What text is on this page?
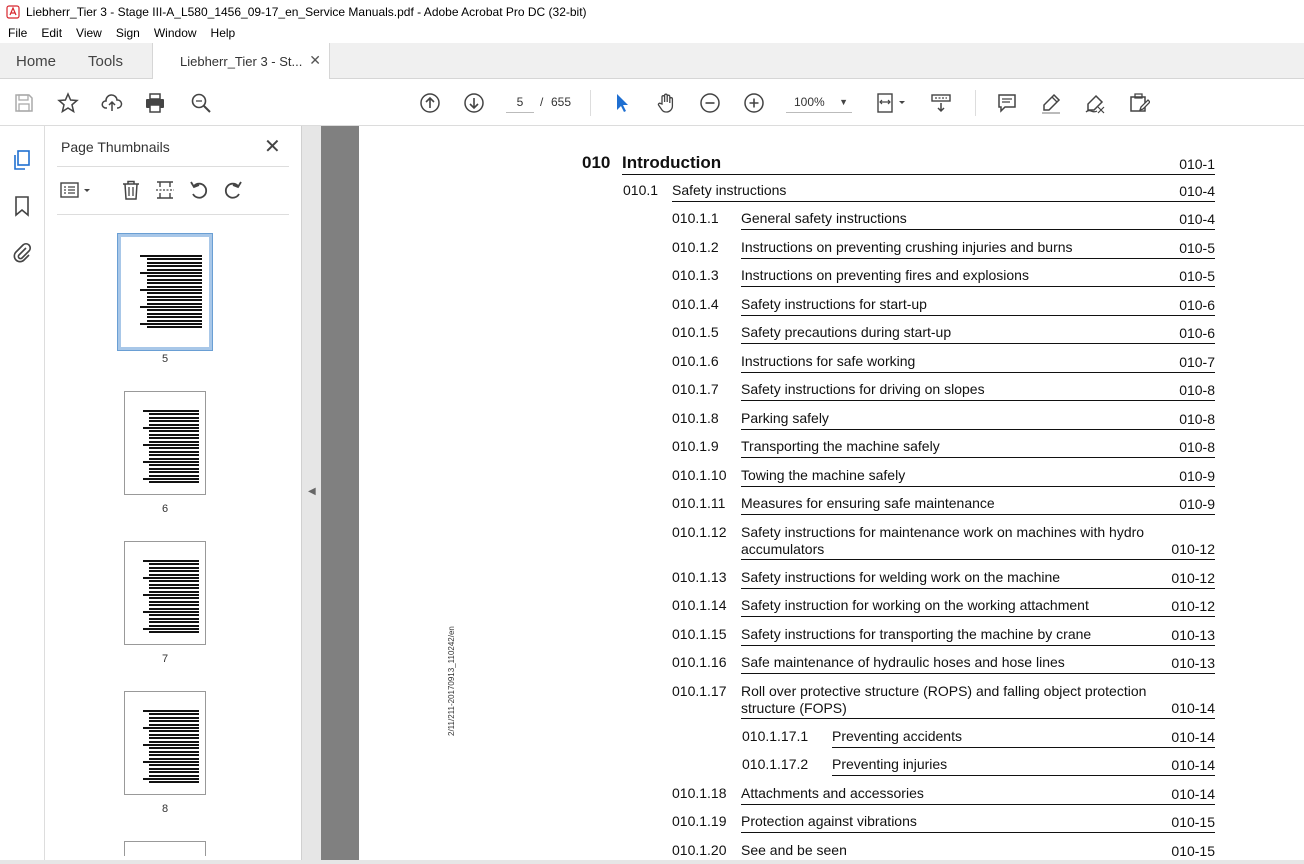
Liebherr_Tier 3 - Stage III-A_L580_1456_09-17_en_Service Manuals.pdf - Adobe Acrobat Pro DC (32-bit)
File	Edit	View	Sign	Window	Help
Home Tools	Liebherr_Tier 3 - St... ✕
5
/ 655	100% ▼
Page Thumbnails	✕
5
6
7
8
◀
2/11/211-20170913_110242/en
010 Introduction	010-1
010.1 Safety instructions	010-4
010.1.1 General safety instructions	010-4
010.1.2 Instructions on preventing crushing injuries and burns	010-5
010.1.3 Instructions on preventing fires and explosions	010-5
010.1.4 Safety instructions for start-up	010-6
010.1.5 Safety precautions during start-up	010-6
010.1.6 Instructions for safe working	010-7
010.1.7 Safety instructions for driving on slopes	010-8
010.1.8 Parking safely	010-8
010.1.9 Transporting the machine safely	010-8
010.1.10 Towing the machine safely	010-9
010.1.11 Measures for ensuring safe maintenance	010-9
010.1.12 Safety instructions for maintenance work on machines with hydro
accumulators	010-12
010.1.13 Safety instructions for welding work on the machine	010-12
010.1.14 Safety instruction for working on the working attachment	010-12
010.1.15 Safety instructions for transporting the machine by crane	010-13
010.1.16 Safe maintenance of hydraulic hoses and hose lines	010-13
010.1.17 Roll over protective structure (ROPS) and falling object protection
structure (FOPS)	010-14
010.1.17.1 Preventing accidents	010-14
010.1.17.2 Preventing injuries	010-14
010.1.18 Attachments and accessories	010-14
010.1.19 Protection against vibrations	010-15
010.1.20 See and be seen	010-15
